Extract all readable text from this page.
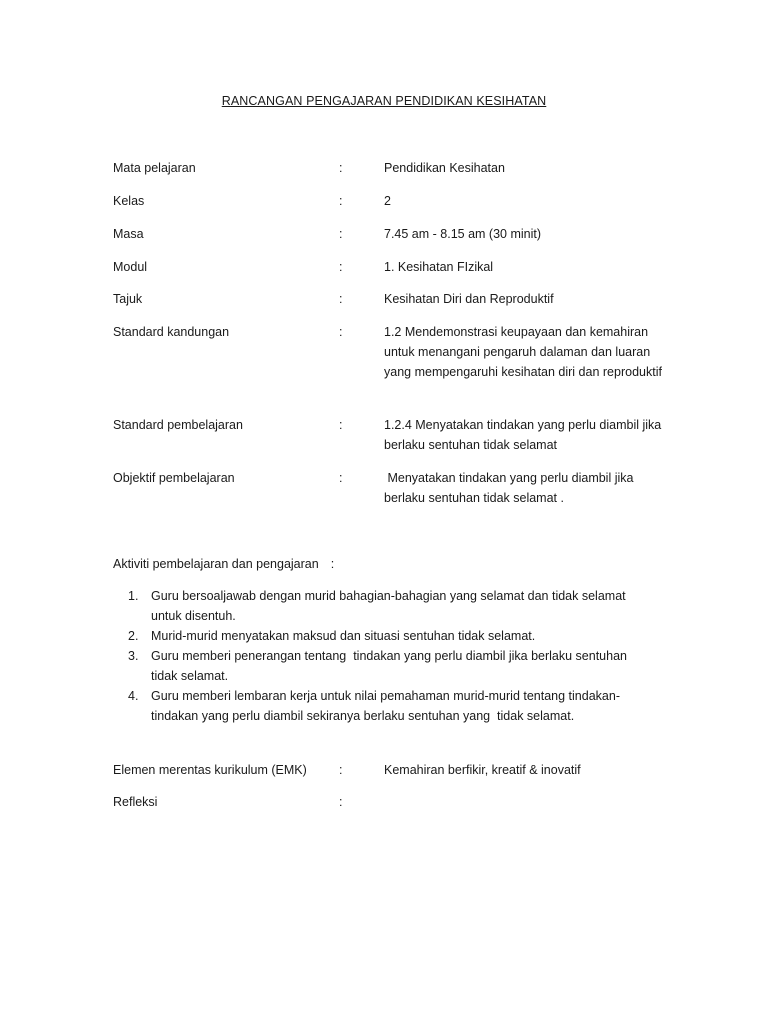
RANCANGAN PENGAJARAN PENDIDIKAN KESIHATAN
Mata pelajaran	:	Pendidikan Kesihatan
Kelas	:	2
Masa	:	7.45 am - 8.15 am (30 minit)
Modul	:	1. Kesihatan FIzikal
Tajuk	:	Kesihatan Diri dan Reproduktif
Standard kandungan	:	1.2 Mendemonstrasi keupayaan dan kemahiran untuk menangani pengaruh dalaman dan luaran yang mempengaruhi kesihatan diri dan reproduktif
Standard pembelajaran	:	1.2.4 Menyatakan tindakan yang perlu diambil jika berlaku sentuhan tidak selamat
Objektif pembelajaran	:	Menyatakan tindakan yang perlu diambil jika berlaku sentuhan tidak selamat .
Aktiviti pembelajaran dan pengajaran :
1. Guru bersoaljawab dengan murid bahagian-bahagian yang selamat dan tidak selamat untuk disentuh.
2. Murid-murid menyatakan maksud dan situasi sentuhan tidak selamat.
3. Guru memberi penerangan tentang  tindakan yang perlu diambil jika berlaku sentuhan tidak selamat.
4. Guru memberi lembaran kerja untuk nilai pemahaman murid-murid tentang tindakan-tindakan yang perlu diambil sekiranya berlaku sentuhan yang  tidak selamat.
Elemen merentas kurikulum (EMK)	:	Kemahiran berfikir, kreatif & inovatif
Refleksi	:
